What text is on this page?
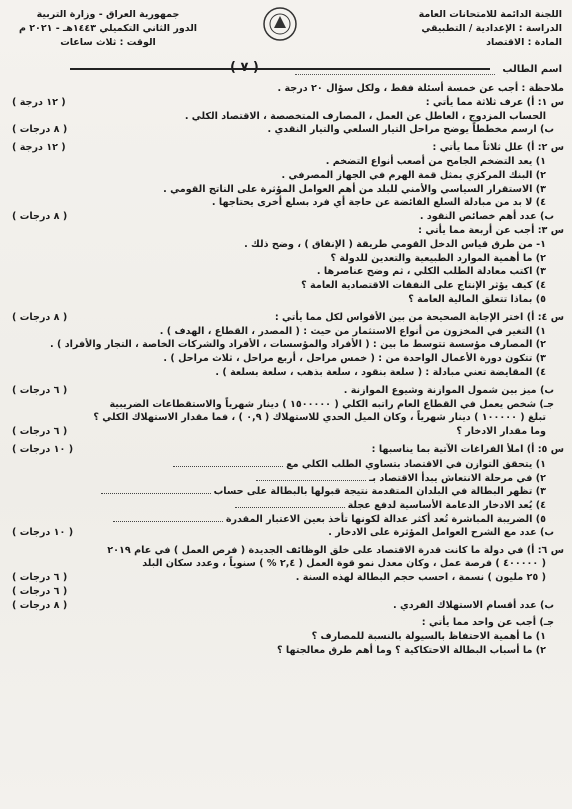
اللجنة الدائمة للامتحانات العامة
الدراسة : الإعدادية / التطبيقي
المادة : الاقتصاد
جمهورية العراق - وزارة التربية
الدور الثاني التكميلي ١٤٤٣هـ - ٢٠٢١ م
الوقت : ثلاث ساعات
اسم الطالب
( ٧ )
ملاحظة : أجب عن خمسة أسئلة فقط ، ولكل سؤال ٢٠ درجة .
س ١: أ) عرف ثلاثة مما يأتي :
( ١٢ درجة )
الحساب المزدوج ، العاطل عن العمل ، المصارف المتخصصة ، الاقتصاد الكلي .
ب) ارسم مخططاً يوضح مراحل التيار السلعي والتيار النقدي .
( ٨ درجات )
س ٢: أ) علل ثلاثاً مما يأتي :
( ١٢ درجة )
١) يعد التضخم الجامح من أصعب أنواع التضخم .
٢) البنك المركزي يمثل قمة الهرم في الجهاز المصرفي .
٣) الاستقرار السياسي والأمني للبلد من أهم العوامل المؤثرة على الناتج القومي .
٤) لا بد من مبادلة السلع الفائضة عن حاجة أي فرد بسلع أخرى يحتاجها .
ب) عدد أهم خصائص النقود .
( ٨ درجات )
س ٣: أجب عن أربعة مما يأتي :
١- من طرق قياس الدخل القومي طريقة ( الإنفاق ) ، وضح ذلك .
٢) ما أهمية الموارد الطبيعية والتعدين للدولة ؟
٣) اكتب معادلة الطلب الكلي ، ثم وضح عناصرها .
٤) كيف يؤثر الإنتاج على النفقات الاقتصادية العامة ؟
٥) بماذا تتعلق المالية العامة ؟
س ٤: أ) اختر الإجابة الصحيحة من بين الأقواس لكل مما يأتي :
( ٨ درجات )
١) التغير في المخزون من أنواع الاستثمار من حيث : ( المصدر ، القطاع ، الهدف ) .
٢) المصارف مؤسسة تتوسط ما بين : ( الأفراد والمؤسسات ، الأفراد والشركات الخاصة ، التجار والأفراد ) .
٣) تتكون دورة الأعمال الواحدة من : ( خمس مراحل ، أربع مراحل ، ثلاث مراحل ) .
٤) المقايضة تعني مبادلة : ( سلعة بنقود ، سلعة بذهب ، سلعة بسلعة ) .
ب) ميز بين شمول الموازنة وشيوع الموازنة .
( ٦ درجات )
جـ) شخص يعمل في القطاع العام راتبه الكلي ( ١٥٠٠٠٠٠ ) دينار شهرياً والاستقطاعات الضريبية
تبلغ ( ١٠٠٠٠٠ ) دينار شهرياً ، وكان الميل الحدي للاستهلاك ( ٠,٩ ) ، فما مقدار الاستهلاك الكلي ؟
وما مقدار الادخار ؟
( ٦ درجات )
س ٥: أ) املأ الفراغات الآتية بما يناسبها :
( ١٠ درجات )
١) يتحقق التوازن في الاقتصاد بتساوي الطلب الكلي مع
٢) في مرحلة الانتعاش يبدأ الاقتصاد بـ
٣) تظهر البطالة في البلدان المتقدمة نتيجة قبولها بالبطالة على حساب
٤) يُعد الادخار الدعامة الأساسية لدفع عجلة
٥) الضريبة المباشرة تُعد أكثر عدالة لكونها تأخذ بعين الاعتبار المقدرة
ب) عدد مع الشرح العوامل المؤثرة على الادخار .
( ١٠ درجات )
س ٦: أ) في دولة ما كانت قدرة الاقتصاد على خلق الوظائف الجديدة ( فرص العمل ) في عام ٢٠١٩
( ٤٠٠٠٠٠ ) فرصة عمل ، وكان معدل نمو قوة العمل ( ٢,٤ % ) سنوياً ، وعدد سكان البلد
( ٢٥ مليون ) نسمة ، احسب حجم البطالة لهذه السنة .
( ٦ درجات )
( ٦ درجات )
ب) عدد أقسام الاستهلاك الفردي .
( ٨ درجات )
جـ) أجب عن واحد مما يأتي :
١) ما أهمية الاحتفاظ بالسيولة بالنسبة للمصارف ؟
٢) ما أسباب البطالة الاحتكاكية ؟ وما أهم طرق معالجتها ؟
